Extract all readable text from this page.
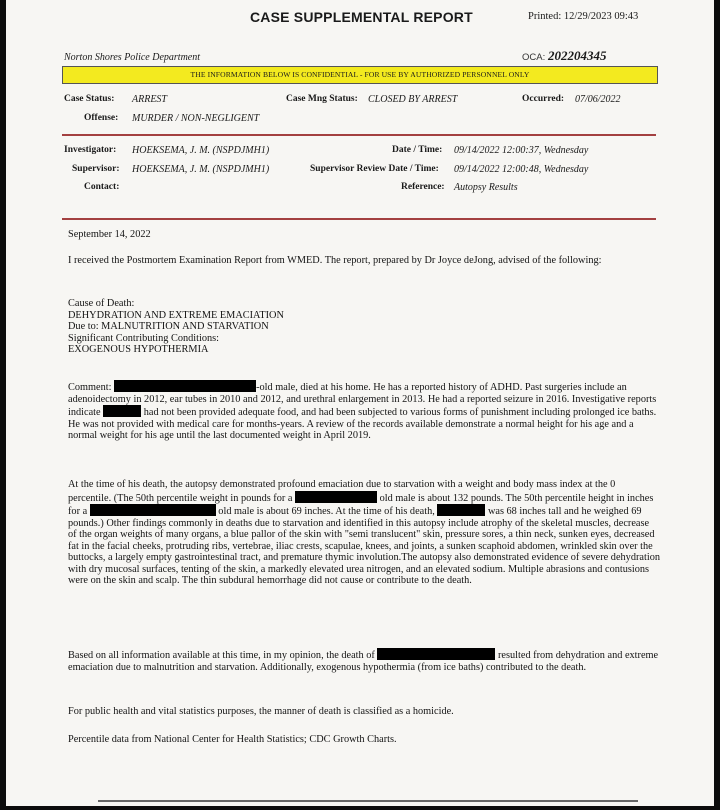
CASE SUPPLEMENTAL REPORT	Printed: 12/29/2023 09:43
Norton Shores Police Department	OCA: 202204345
THE INFORMATION BELOW IS CONFIDENTIAL - FOR USE BY AUTHORIZED PERSONNEL ONLY
Case Status: ARREST	Case Mng Status: CLOSED BY ARREST	Occurred: 07/06/2022
Offense: MURDER / NON-NEGLIGENT
Investigator: HOEKSEMA, J. M. (NSPDJMH1)	Date / Time: 09/14/2022 12:00:37, Wednesday
Supervisor: HOEKSEMA, J. M. (NSPDJMH1)	Supervisor Review Date / Time: 09/14/2022 12:00:48, Wednesday
Contact:	Reference: Autopsy Results
September 14, 2022
I received the Postmortem Examination Report from WMED. The report, prepared by Dr Joyce deJong, advised of the following:

Cause of Death:

DEHYDRATION AND EXTREME EMACIATION

Due to: MALNUTRITION AND STARVATION

Significant Contributing Conditions:

EXOGENOUS HYPOTHERMIA

Comment:	-old male, died at his home. He has a reported history of ADHD. Past surgeries include an adenoidectomy in 2012, ear tubes in 2010 and 2012, and urethral enlargement in 2013. He had a reported seizure in 2016. Investigative reports indicate	had not been provided adequate food, and had been subjected to various forms of punishment including prolonged ice baths. He was not provided with medical care for months-years. A review of the records available demonstrate a normal height for his age and a normal weight for his age until the last documented weight in April 2019.
At the time of his death, the autopsy demonstrated profound emaciation due to starvation with a weight and body mass index at the 0 percentile. (The 50th percentile weight in pounds for a	old male is about 132 pounds. The 50th percentile height in inches for a	old male is about 69 inches. At the time of his death,	was 68 inches tall and he weighed 69 pounds.) Other findings commonly in deaths due to starvation and identified in this autopsy include atrophy of the skeletal muscles, decrease of the organ weights of many organs, a blue pallor of the skin with "semi translucent" skin, pressure sores, a thin neck, sunken eyes, decreased fat in the facial cheeks, protruding ribs, vertebrae, iliac crests, scapulae, knees, and joints, a sunken scaphoid abdomen, wrinkled skin over the buttocks, a largely empty gastrointestinal tract, and premature thymic involution.The autopsy also demonstrated evidence of severe dehydration with dry mucosal surfaces, tenting of the skin, a markedly elevated urea nitrogen, and an elevated sodium. Multiple abrasions and contusions were on the skin and scalp. The thin subdural hemorrhage did not cause or contribute to the death.
Based on all information available at this time, in my opinion, the death of	resulted from dehydration and extreme emaciation due to malnutrition and starvation. Additionally, exogenous hypothermia (from ice baths) contributed to the death.
For public health and vital statistics purposes, the manner of death is classified as a homicide.
Percentile data from National Center for Health Statistics; CDC Growth Charts.
